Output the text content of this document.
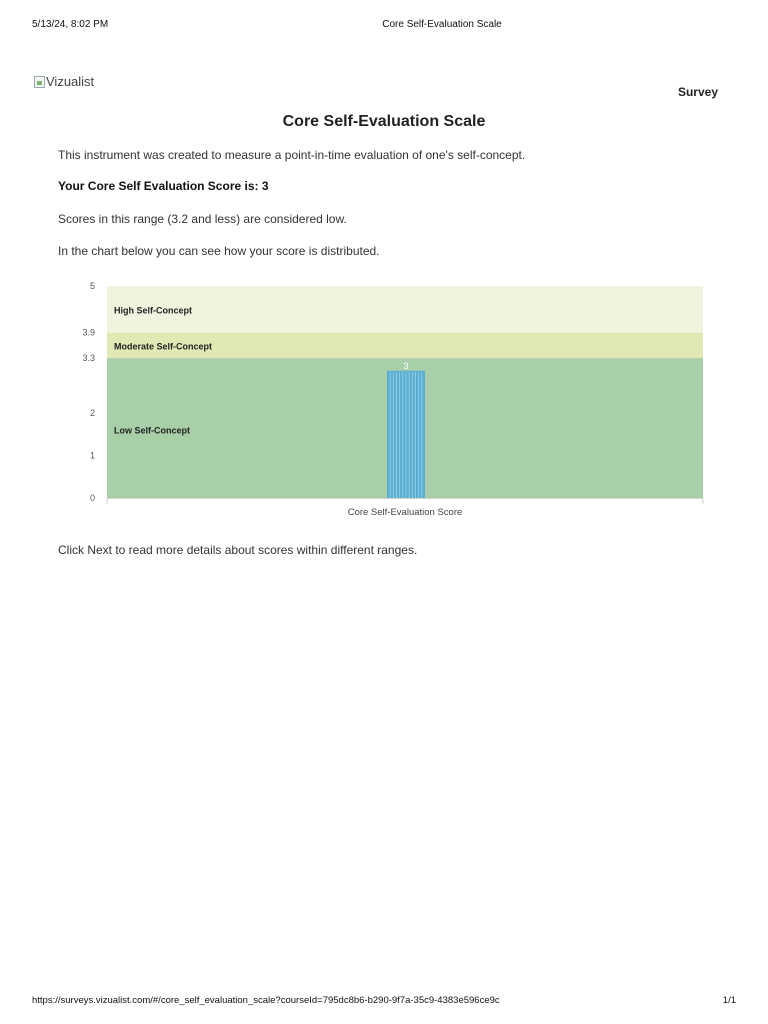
5/13/24, 8:02 PM	Core Self-Evaluation Scale
Vizualist
Survey
Core Self-Evaluation Scale
This instrument was created to measure a point-in-time evaluation of one's self-concept.
Your Core Self Evaluation Score is: 3
Scores in this range (3.2 and less) are considered low.
In the chart below you can see how your score is distributed.
Low Self-Concept
Moderate Self-Concept
High Self-Concept
0
1
2
3.3
3.9
5
3
Core Self-Evaluation Score
Click Next to read more details about scores within different ranges.
https://surveys.vizualist.com/#/core_self_evaluation_scale?courseId=795dc8b6-b290-9f7a-35c9-4383e596ce9c	1/1
